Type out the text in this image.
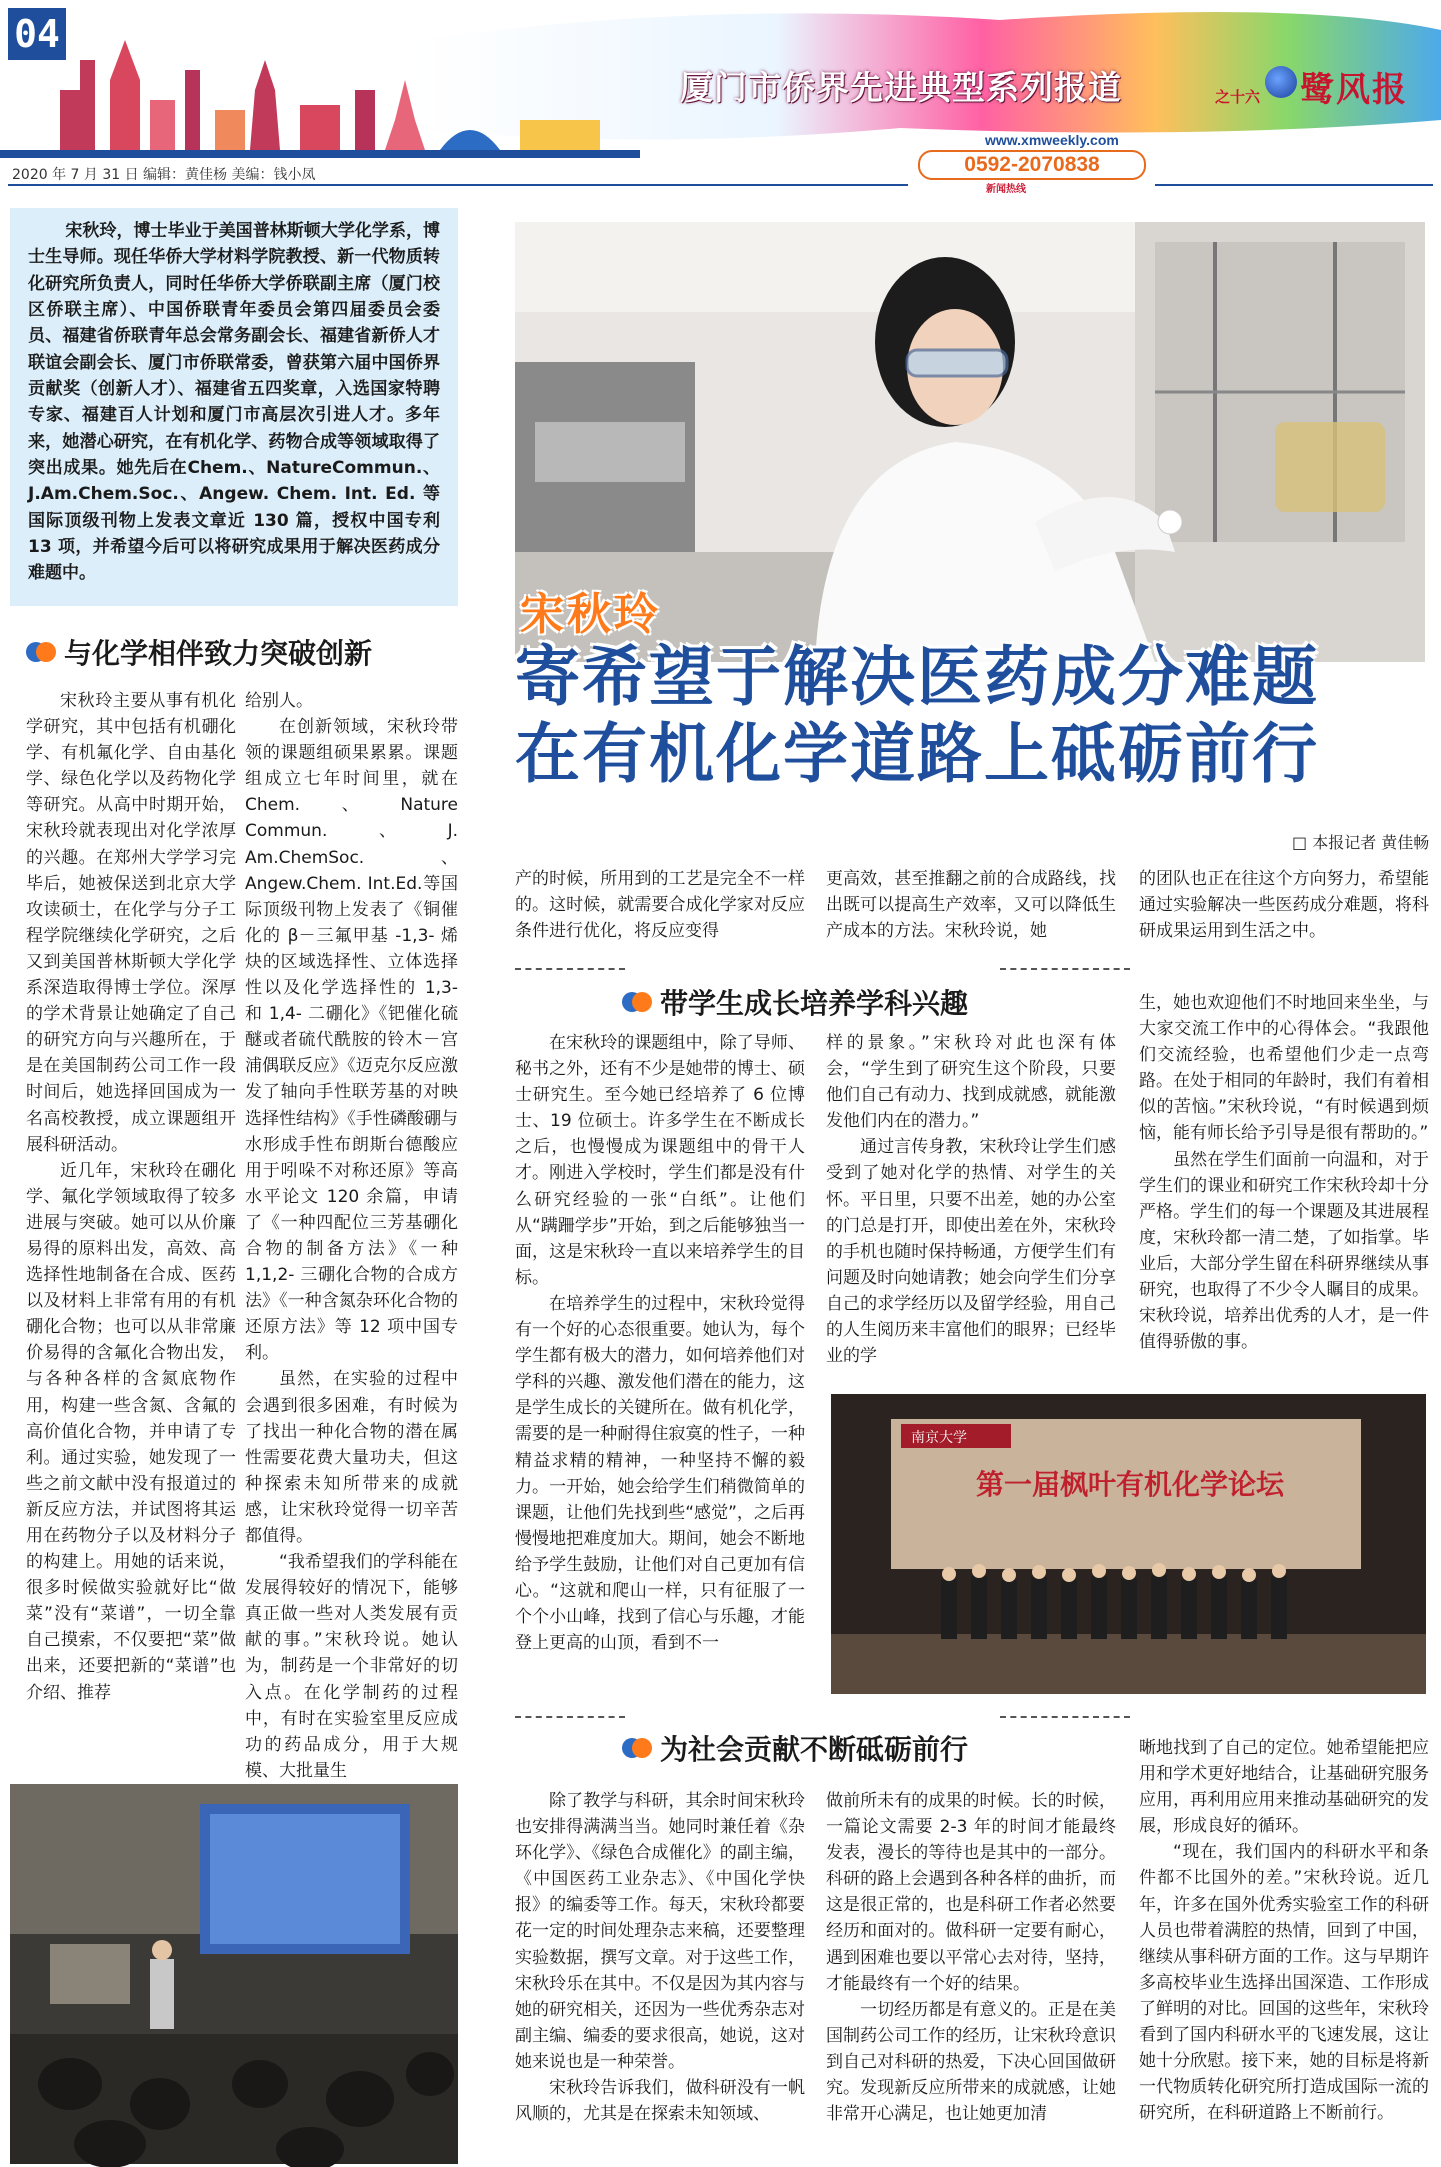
04
厦门市侨界先进典型系列报道	之十六 鹭风报
www.xmweekly.com
0592-2070838
新闻热线
2020 年 7 月 31 日 编辑：黄佳杨 美编：钱小凤

宋秋玲，博士毕业于美国普林斯顿大学化学系，博士生导师。现任华侨大学材料学院教授、新一代物质转化研究所负责人，同时任华侨大学侨联副主席（厦门校区侨联主席）、中国侨联青年委员会第四届委员会委员、福建省侨联青年总会常务副会长、福建省新侨人才联谊会副会长、厦门市侨联常委，曾获第六届中国侨界贡献奖（创新人才）、福建省五四奖章，入选国家特聘专家、福建百人计划和厦门市高层次引进人才。多年来，她潜心研究，在有机化学、药物合成等领域取得了突出成果。她先后在Chem.、NatureCommun.、J.Am.Chem.Soc.、Angew. Chem. Int. Ed. 等国际顶级刊物上发表文章近 130 篇，授权中国专利 13 项，并希望今后可以将研究成果用于解决医药成分难题中。

宋秋玲
寄希望于解决医药成分难题
在有机化学道路上砥砺前行
□ 本报记者 黄佳畅
与化学相伴致力突破创新

宋秋玲主要从事有机化学研究，其中包括有机硼化学、有机氟化学、自由基化学、绿色化学以及药物化学等研究。从高中时期开始，宋秋玲就表现出对化学浓厚的兴趣。在郑州大学学习完毕后，她被保送到北京大学攻读硕士，在化学与分子工程学院继续化学研究，之后又到美国普林斯顿大学化学系深造取得博士学位。深厚的学术背景让她确定了自己的研究方向与兴趣所在，于是在美国制药公司工作一段时间后，她选择回国成为一名高校教授，成立课题组开展科研活动。

近几年，宋秋玲在硼化学、氟化学领域取得了较多进展与突破。她可以从价廉易得的原料出发，高效、高选择性地制备在合成、医药以及材料上非常有用的有机硼化合物；也可以从非常廉价易得的含氟化合物出发，与各种各样的含氮底物作用，构建一些含氮、含氟的高价值化合物，并申请了专利。通过实验，她发现了一些之前文献中没有报道过的新反应方法，并试图将其运用在药物分子以及材料分子的构建上。用她的话来说，很多时候做实验就好比“做菜”没有“菜谱”，一切全靠自己摸索，不仅要把“菜”做出来，还要把新的“菜谱”也介绍、推荐

给别人。

在创新领域，宋秋玲带领的课题组硕果累累。课题组成立七年时间里，就在Chem.、Nature Commun.、J. Am.ChemSoc.、Angew.Chem. Int.Ed.等国际顶级刊物上发表了《铜催化的 β－三氟甲基 -1,3- 烯炔的区域选择性、立体选择性以及化学选择性的 1,3- 和 1,4- 二硼化》《钯催化硫醚或者硫代酰胺的铃木－宫浦偶联反应》《迈克尔反应激发了轴向手性联芳基的对映选择性结构》《手性磷酸硼与水形成手性布朗斯台德酸应用于吲哚不对称还原》等高水平论文 120 余篇，申请了《一种四配位三芳基硼化合物的制备方法》《一种 1,1,2- 三硼化合物的合成方法》《一种含氮杂环化合物的还原方法》等 12 项中国专利。

虽然，在实验的过程中会遇到很多困难，有时候为了找出一种化合物的潜在属性需要花费大量功夫，但这种探索未知所带来的成就感，让宋秋玲觉得一切辛苦都值得。

“我希望我们的学科能在发展得较好的情况下，能够真正做一些对人类发展有贡献的事。”宋秋玲说。她认为，制药是一个非常好的切入点。在化学制药的过程中，有时在实验室里反应成功的药品成分，用于大规模、大批量生

产的时候，所用到的工艺是完全不一样的。这时候，就需要合成化学家对反应条件进行优化，将反应变得

更高效，甚至推翻之前的合成路线，找出既可以提高生产效率，又可以降低生产成本的方法。宋秋玲说，她

的团队也正在往这个方向努力，希望能通过实验解决一些医药成分难题，将科研成果运用到生活之中。

带学生成长培养学科兴趣

在宋秋玲的课题组中，除了导师、秘书之外，还有不少是她带的博士、硕士研究生。至今她已经培养了 6 位博士、19 位硕士。许多学生在不断成长之后，也慢慢成为课题组中的骨干人才。刚进入学校时，学生们都是没有什么研究经验的一张“白纸”。让他们从“蹒跚学步”开始，到之后能够独当一面，这是宋秋玲一直以来培养学生的目标。

在培养学生的过程中，宋秋玲觉得有一个好的心态很重要。她认为，每个学生都有极大的潜力，如何培养他们对学科的兴趣、激发他们潜在的能力，这是学生成长的关键所在。做有机化学，需要的是一种耐得住寂寞的性子，一种精益求精的精神，一种坚持不懈的毅力。一开始，她会给学生们稍微简单的课题，让他们先找到些“感觉”，之后再慢慢地把难度加大。期间，她会不断地给予学生鼓励，让他们对自己更加有信心。“这就和爬山一样，只有征服了一个个小山峰，找到了信心与乐趣，才能登上更高的山顶，看到不一

样的景象。”宋秋玲对此也深有体会，“学生到了研究生这个阶段，只要他们自己有动力、找到成就感，就能激发他们内在的潜力。”

通过言传身教，宋秋玲让学生们感受到了她对化学的热情、对学生的关怀。平日里，只要不出差，她的办公室的门总是打开，即使出差在外，宋秋玲的手机也随时保持畅通，方便学生们有问题及时向她请教；她会向学生们分享自己的求学经历以及留学经验，用自己的人生阅历来丰富他们的眼界；已经毕业的学

生，她也欢迎他们不时地回来坐坐，与大家交流工作中的心得体会。“我跟他们交流经验，也希望他们少走一点弯路。在处于相同的年龄时，我们有着相似的苦恼。”宋秋玲说，“有时候遇到烦恼，能有师长给予引导是很有帮助的。”

虽然在学生们面前一向温和，对于学生们的课业和研究工作宋秋玲却十分严格。学生们的每一个课题及其进展程度，宋秋玲都一清二楚，了如指掌。毕业后，大部分学生留在科研界继续从事研究，也取得了不少令人瞩目的成果。宋秋玲说，培养出优秀的人才，是一件值得骄傲的事。

南京大学
第一届枫叶有机化学论坛
为社会贡献不断砥砺前行

除了教学与科研，其余时间宋秋玲也安排得满满当当。她同时兼任着《杂环化学》、《绿色合成催化》的副主编，《中国医药工业杂志》、《中国化学快报》的编委等工作。每天，宋秋玲都要花一定的时间处理杂志来稿，还要整理实验数据，撰写文章。对于这些工作，宋秋玲乐在其中。不仅是因为其内容与她的研究相关，还因为一些优秀杂志对副主编、编委的要求很高，她说，这对她来说也是一种荣誉。

宋秋玲告诉我们，做科研没有一帆风顺的，尤其是在探索未知领域、

做前所未有的成果的时候。长的时候，一篇论文需要 2-3 年的时间才能最终发表，漫长的等待也是其中的一部分。科研的路上会遇到各种各样的曲折，而这是很正常的，也是科研工作者必然要经历和面对的。做科研一定要有耐心，遇到困难也要以平常心去对待，坚持，才能最终有一个好的结果。

一切经历都是有意义的。正是在美国制药公司工作的经历，让宋秋玲意识到自己对科研的热爱，下决心回国做研究。发现新反应所带来的成就感，让她非常开心满足，也让她更加清

晰地找到了自己的定位。她希望能把应用和学术更好地结合，让基础研究服务应用，再利用应用来推动基础研究的发展，形成良好的循环。

“现在，我们国内的科研水平和条件都不比国外的差。”宋秋玲说。近几年，许多在国外优秀实验室工作的科研人员也带着满腔的热情，回到了中国，继续从事科研方面的工作。这与早期许多高校毕业生选择出国深造、工作形成了鲜明的对比。回国的这些年，宋秋玲看到了国内科研水平的飞速发展，这让她十分欣慰。接下来，她的目标是将新一代物质转化研究所打造成国际一流的研究所，在科研道路上不断前行。
